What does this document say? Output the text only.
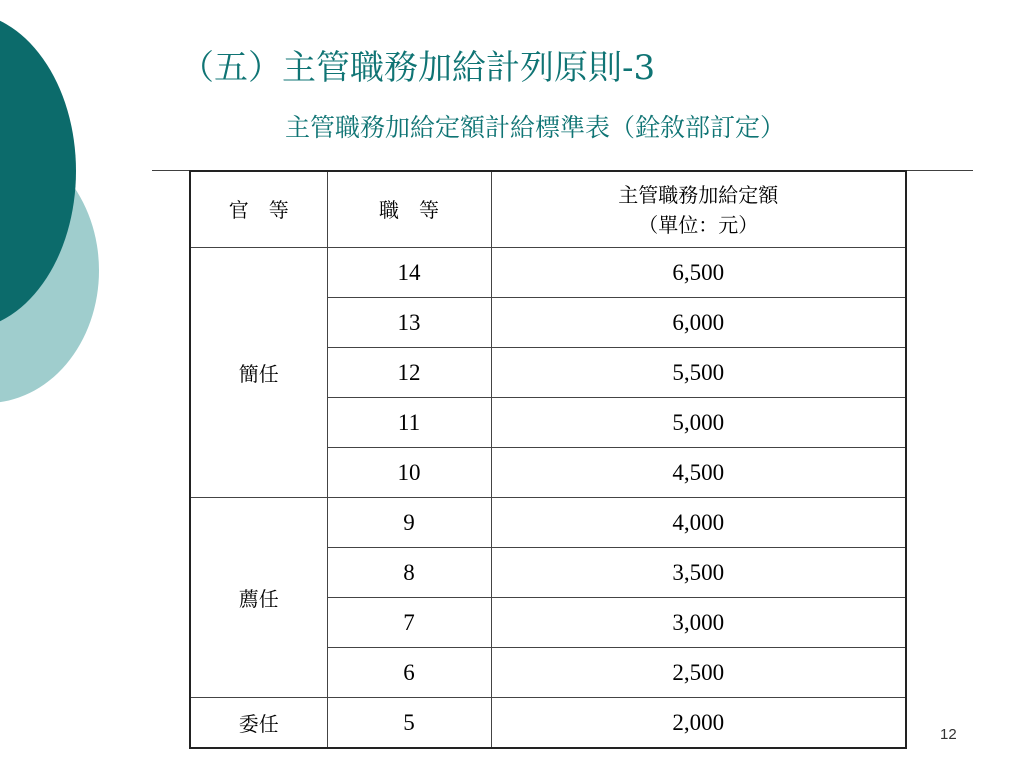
（五）主管職務加給計列原則-3
主管職務加給定額計給標準表（銓敘部訂定）
官　等	職　等	主管職務加給定額
（單位：元）
簡任	14	6,500
	13	6,000
	12	5,500
	11	5,000
	10	4,500
薦任	9	4,000
	8	3,500
	7	3,000
	6	2,500
委任	5	2,000	12
